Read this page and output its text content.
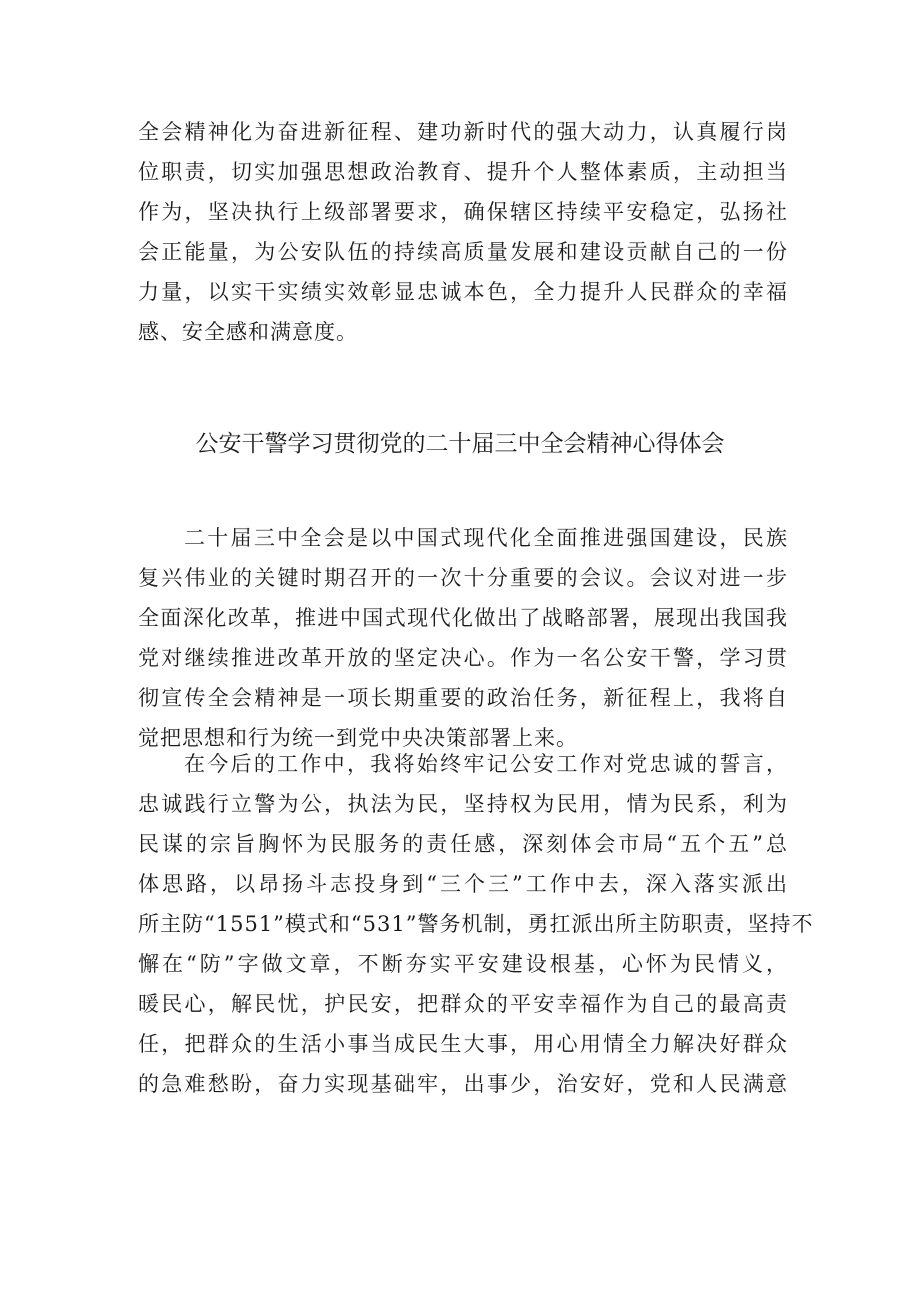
全会精神化为奋进新征程、建功新时代的强大动力，认真履行岗
位职责，切实加强思想政治教育、提升个人整体素质，主动担当
作为，坚决执行上级部署要求，确保辖区持续平安稳定，弘扬社
会正能量，为公安队伍的持续高质量发展和建设贡献自己的一份
力量，以实干实绩实效彰显忠诚本色，全力提升人民群众的幸福
感、安全感和满意度。
公安干警学习贯彻党的二十届三中全会精神心得体会
二十届三中全会是以中国式现代化全面推进强国建设，民族
复兴伟业的关键时期召开的一次十分重要的会议。会议对进一步
全面深化改革，推进中国式现代化做出了战略部署，展现出我国我
党对继续推进改革开放的坚定决心。作为一名公安干警，学习贯
彻宣传全会精神是一项长期重要的政治任务，新征程上，我将自
觉把思想和行为统一到党中央决策部署上来。
在今后的工作中，我将始终牢记公安工作对党忠诚的誓言，
忠诚践行立警为公，执法为民，坚持权为民用，情为民系，利为
民谋的宗旨胸怀为民服务的责任感，深刻体会市局“五个五”总
体思路，以昂扬斗志投身到“三个三”工作中去，深入落实派出
所主防“1551”模式和“531”警务机制，勇扛派出所主防职责，坚持不
懈在“防”字做文章，不断夯实平安建设根基，心怀为民情义，
暖民心，解民忧，护民安，把群众的平安幸福作为自己的最高责
任，把群众的生活小事当成民生大事，用心用情全力解决好群众
的急难愁盼，奋力实现基础牢，出事少，治安好，党和人民满意
